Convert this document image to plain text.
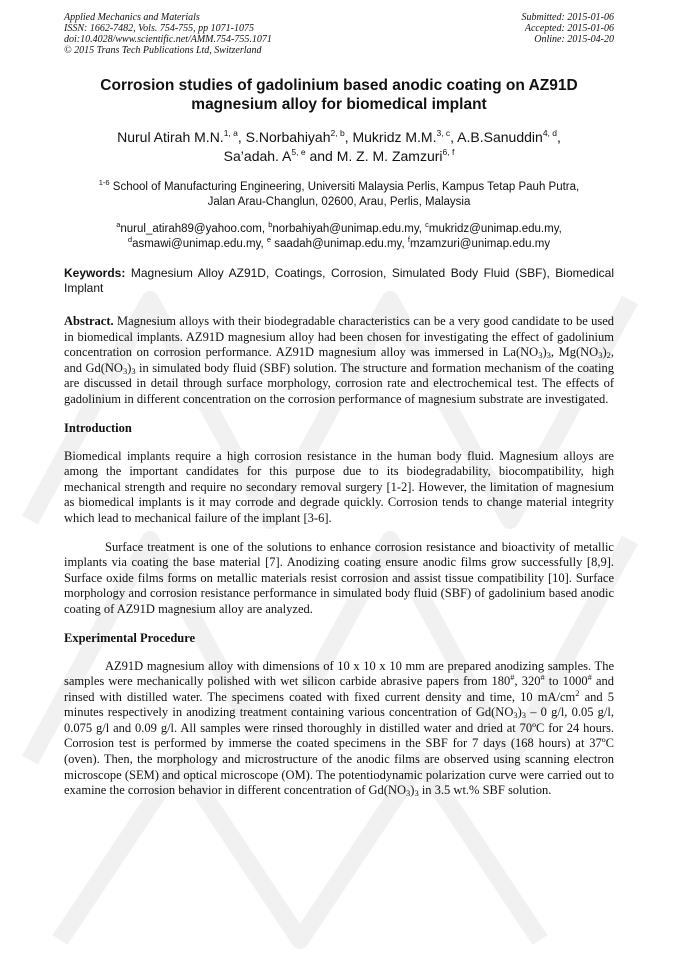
Applied Mechanics and Materials
ISSN: 1662-7482, Vols. 754-755, pp 1071-1075
doi:10.4028/www.scientific.net/AMM.754-755.1071
© 2015 Trans Tech Publications Ltd, Switzerland
Submitted: 2015-01-06
Accepted: 2015-01-06
Online: 2015-04-20
Corrosion studies of gadolinium based anodic coating on AZ91D
magnesium alloy for biomedical implant
Nurul Atirah M.N.$^{1, a}$, S.Norbahiyah$^{2, b}$, Mukridz M.M.$^{3, c}$, A.B.Sanuddin$^{4, d}$,
Sa’adah. A$^{5, e}$ and M. Z. M. Zamzuri$^{6, f}$
$^{1-6}$ School of Manufacturing Engineering, Universiti Malaysia Perlis, Kampus Tetap Pauh Putra,
Jalan Arau-Changlun, 02600, Arau, Perlis, Malaysia
$^a$nurul_atirah89@yahoo.com, $^b$norbahiyah@unimap.edu.my, $^c$mukridz@unimap.edu.my,
$^d$asmawi@unimap.edu.my, $^e$ saadah@unimap.edu.my, $^f$mzamzuri@unimap.edu.my
Keywords: Magnesium Alloy AZ91D, Coatings, Corrosion, Simulated Body Fluid (SBF), Biomedical Implant

Abstract. Magnesium alloys with their biodegradable characteristics can be a very good candidate to be used in biomedical implants. AZ91D magnesium alloy had been chosen for investigating the effect of gadolinium concentration on corrosion performance. AZ91D magnesium alloy was immersed in $La(NO_3)_3$, $Mg(NO_3)_2$, and $Gd(NO_3)_3$ in simulated body fluid (SBF) solution. The structure and formation mechanism of the coating are discussed in detail through surface morphology, corrosion rate and electrochemical test. The effects of gadolinium in different concentration on the corrosion performance of magnesium substrate are investigated.

Introduction

Biomedical implants require a high corrosion resistance in the human body fluid. Magnesium alloys are among the important candidates for this purpose due to its biodegradability, biocompatibility, high mechanical strength and require no secondary removal surgery [1-2]. However, the limitation of magnesium as biomedical implants is it may corrode and degrade quickly. Corrosion tends to change material integrity which lead to mechanical failure of the implant [3-6].

Surface treatment is one of the solutions to enhance corrosion resistance and bioactivity of metallic implants via coating the base material [7]. Anodizing coating ensure anodic films grow successfully [8,9]. Surface oxide films forms on metallic materials resist corrosion and assist tissue compatibility [10]. Surface morphology and corrosion resistance performance in simulated body fluid (SBF) of gadolinium based anodic coating of AZ91D magnesium alloy are analyzed.

Experimental Procedure

AZ91D magnesium alloy with dimensions of 10 x 10 x 10 mm are prepared anodizing samples. The samples were mechanically polished with wet silicon carbide abrasive papers from 180#, 320# to 1000# and rinsed with distilled water. The specimens coated with fixed current density and time, 10 $mA/cm^2$ and 5 minutes respectively in anodizing treatment containing various concentration of $Gd(NO_3)_3 - 0$ g/l, 0.05 g/l, 0.075 g/l and 0.09 g/l. All samples were rinsed thoroughly in distilled water and dried at 70ºC for 24 hours. Corrosion test is performed by immerse the coated specimens in the SBF for 7 days (168 hours) at 37ºC (oven). Then, the morphology and microstructure of the anodic films are observed using scanning electron microscope (SEM) and optical microscope (OM). The potentiodynamic polarization curve were carried out to examine the corrosion behavior in different concentration of $Gd(NO_3)_3$ in 3.5 wt.% SBF solution.
